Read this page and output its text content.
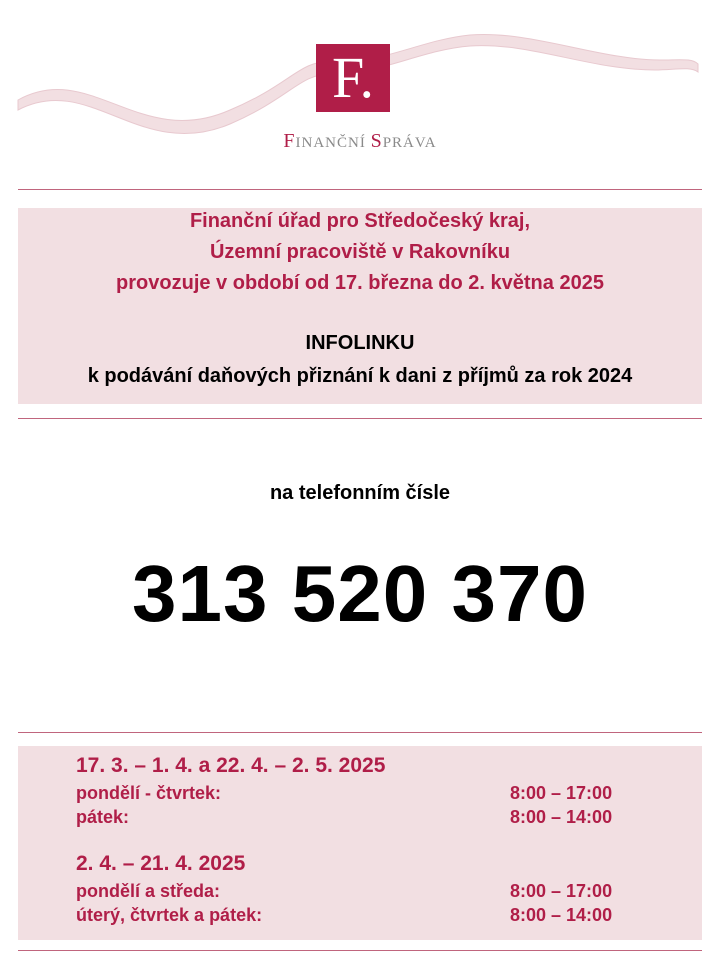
F.
FINANČNÍ SPRÁVA
Finanční úřad pro Středočeský kraj,
Územní pracoviště v Rakovníku
provozuje v období od 17. března do 2. května 2025
INFOLINKU
k podávání daňových přiznání k dani z příjmů za rok 2024
na telefonním čísle
313 520 370
17. 3. – 1. 4. a 22. 4. – 2. 5. 2025
pondělí - čtvrtek:	8:00 – 17:00
pátek:	8:00 – 14:00
2. 4. – 21. 4. 2025
pondělí a středa:	8:00 – 17:00
úterý, čtvrtek a pátek:	8:00 – 14:00
